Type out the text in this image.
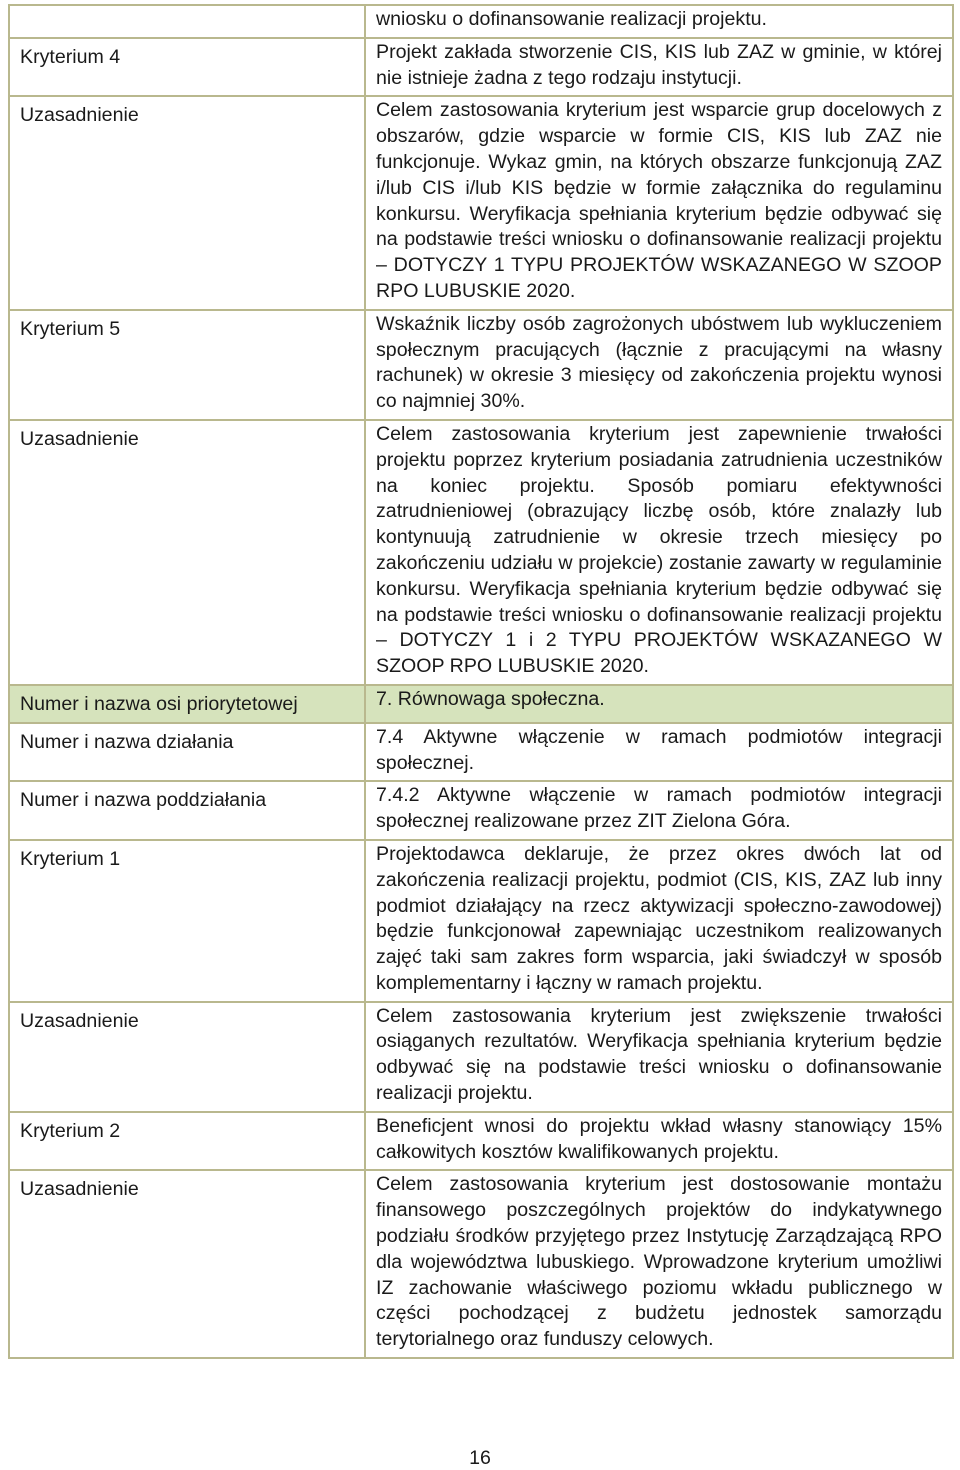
	wniosku o dofinansowanie realizacji projektu.
Kryterium 4	Projekt zakłada stworzenie CIS, KIS lub ZAZ w gminie, w której nie istnieje żadna z tego rodzaju instytucji.
Uzasadnienie	Celem zastosowania kryterium jest wsparcie grup docelowych z obszarów, gdzie wsparcie w formie CIS, KIS lub ZAZ nie funkcjonuje. Wykaz gmin, na których obszarze funkcjonują ZAZ i/lub CIS i/lub KIS będzie w formie załącznika do regulaminu konkursu. Weryfikacja spełniania kryterium będzie odbywać się na podstawie treści wniosku o dofinansowanie realizacji projektu – DOTYCZY 1 TYPU PROJEKTÓW WSKAZANEGO W SZOOP RPO LUBUSKIE 2020.
Kryterium 5	Wskaźnik liczby osób zagrożonych ubóstwem lub wykluczeniem społecznym pracujących (łącznie z pracującymi na własny rachunek) w okresie 3 miesięcy od zakończenia projektu wynosi co najmniej 30%.
Uzasadnienie	Celem zastosowania kryterium jest zapewnienie trwałości projektu poprzez kryterium posiadania zatrudnienia uczestników na koniec projektu. Sposób pomiaru efektywności zatrudnieniowej (obrazujący liczbę osób, które znalazły lub kontynuują zatrudnienie w okresie trzech miesięcy po zakończeniu udziału w projekcie) zostanie zawarty w regulaminie konkursu. Weryfikacja spełniania kryterium będzie odbywać się na podstawie treści wniosku o dofinansowanie realizacji projektu – DOTYCZY 1 i 2 TYPU PROJEKTÓW WSKAZANEGO W SZOOP RPO LUBUSKIE 2020.
Numer i nazwa osi priorytetowej	7. Równowaga społeczna.
Numer i nazwa działania	7.4 Aktywne włączenie w ramach podmiotów integracji społecznej.
Numer i nazwa poddziałania	7.4.2 Aktywne włączenie w ramach podmiotów integracji społecznej realizowane przez ZIT Zielona Góra.
Kryterium 1	Projektodawca deklaruje, że przez okres dwóch lat od zakończenia realizacji projektu, podmiot (CIS, KIS, ZAZ lub inny podmiot działający na rzecz aktywizacji społeczno-zawodowej) będzie funkcjonował zapewniając uczestnikom realizowanych zajęć taki sam zakres form wsparcia, jaki świadczył w sposób komplementarny i łączny w ramach projektu.
Uzasadnienie	Celem zastosowania kryterium jest zwiększenie trwałości osiąganych rezultatów. Weryfikacja spełniania kryterium będzie odbywać się na podstawie treści wniosku o dofinansowanie realizacji projektu.
Kryterium 2	Beneficjent wnosi do projektu wkład własny stanowiący 15% całkowitych kosztów kwalifikowanych projektu.
Uzasadnienie	Celem zastosowania kryterium jest dostosowanie montażu finansowego poszczególnych projektów do indykatywnego podziału środków przyjętego przez Instytucję Zarządzającą RPO dla województwa lubuskiego. Wprowadzone kryterium umożliwi IZ zachowanie właściwego poziomu wkładu publicznego w części pochodzącej z budżetu jednostek samorządu terytorialnego oraz funduszy celowych.
16
